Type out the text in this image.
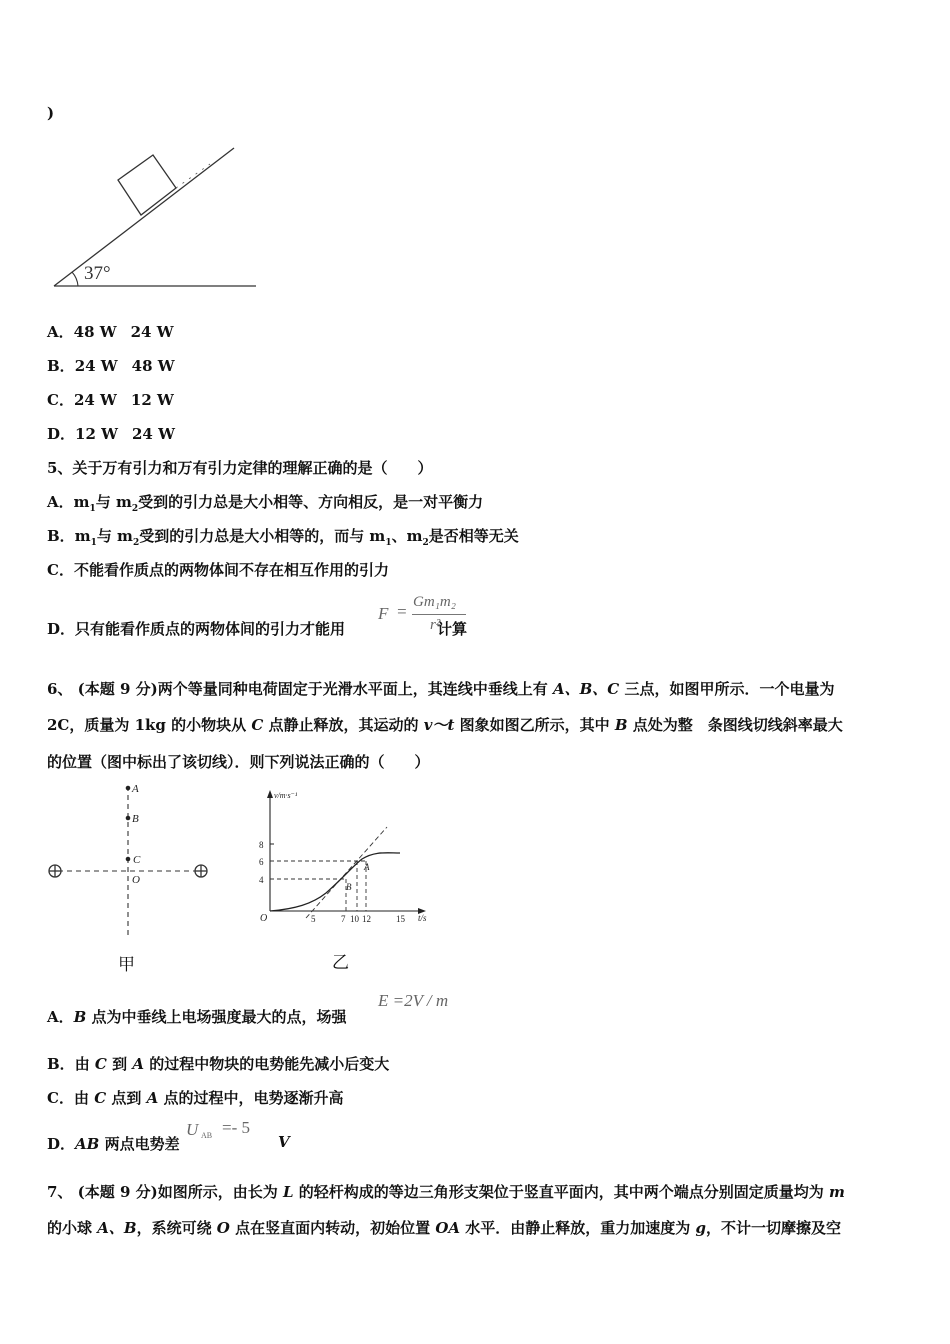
)
37°
A．48 W 24 W
B．24 W 48 W
C．24 W 12 W
D．12 W 24 W
5、关于万有引力和万有引力定律的理解正确的是（　　）
A．$m_1$与 $m_2$受到的引力总是大小相等、方向相反，是一对平衡力
B．$m_1$与 $m_2$受到的引力总是大小相等的，而与 $m_1$、$m_2$是否相等无关
C．不能看作质点的两物体间不存在相互作用的引力
D．只有能看作质点的两物体间的引力才能用	计算
F = Gm₁m₂
r²
6、 (本题 9 分)两个等量同种电荷固定于光滑水平面上，其连线中垂线上有 A、B、C 三点，如图甲所示．一个电量为
2C，质量为 1kg 的小物块从 C 点静止释放，其运动的 v～t 图象如图乙所示，其中 B 点处为整　条图线切线斜率最大
的位置（图中标出了该切线）．则下列说法正确的（　　）
A
B
C
O
甲
v/m·s⁻¹
t/s
O
8
6
4
5	7 10 12	15
A
B
乙
A．B 点为中垂线上电场强度最大的点，场强
E =2V / m
B．由 C 到 A 的过程中物块的电势能先减小后变大
C．由 C 点到 A 点的过程中，电势逐渐升高
D．AB 两点电势差
U AB =- 5
V
7、 (本题 9 分)如图所示，由长为 L 的轻杆构成的等边三角形支架位于竖直平面内，其中两个端点分别固定质量均为 m
的小球 A、B，系统可绕 O 点在竖直面内转动，初始位置 OA 水平．由静止释放，重力加速度为 g，不计一切摩擦及空
